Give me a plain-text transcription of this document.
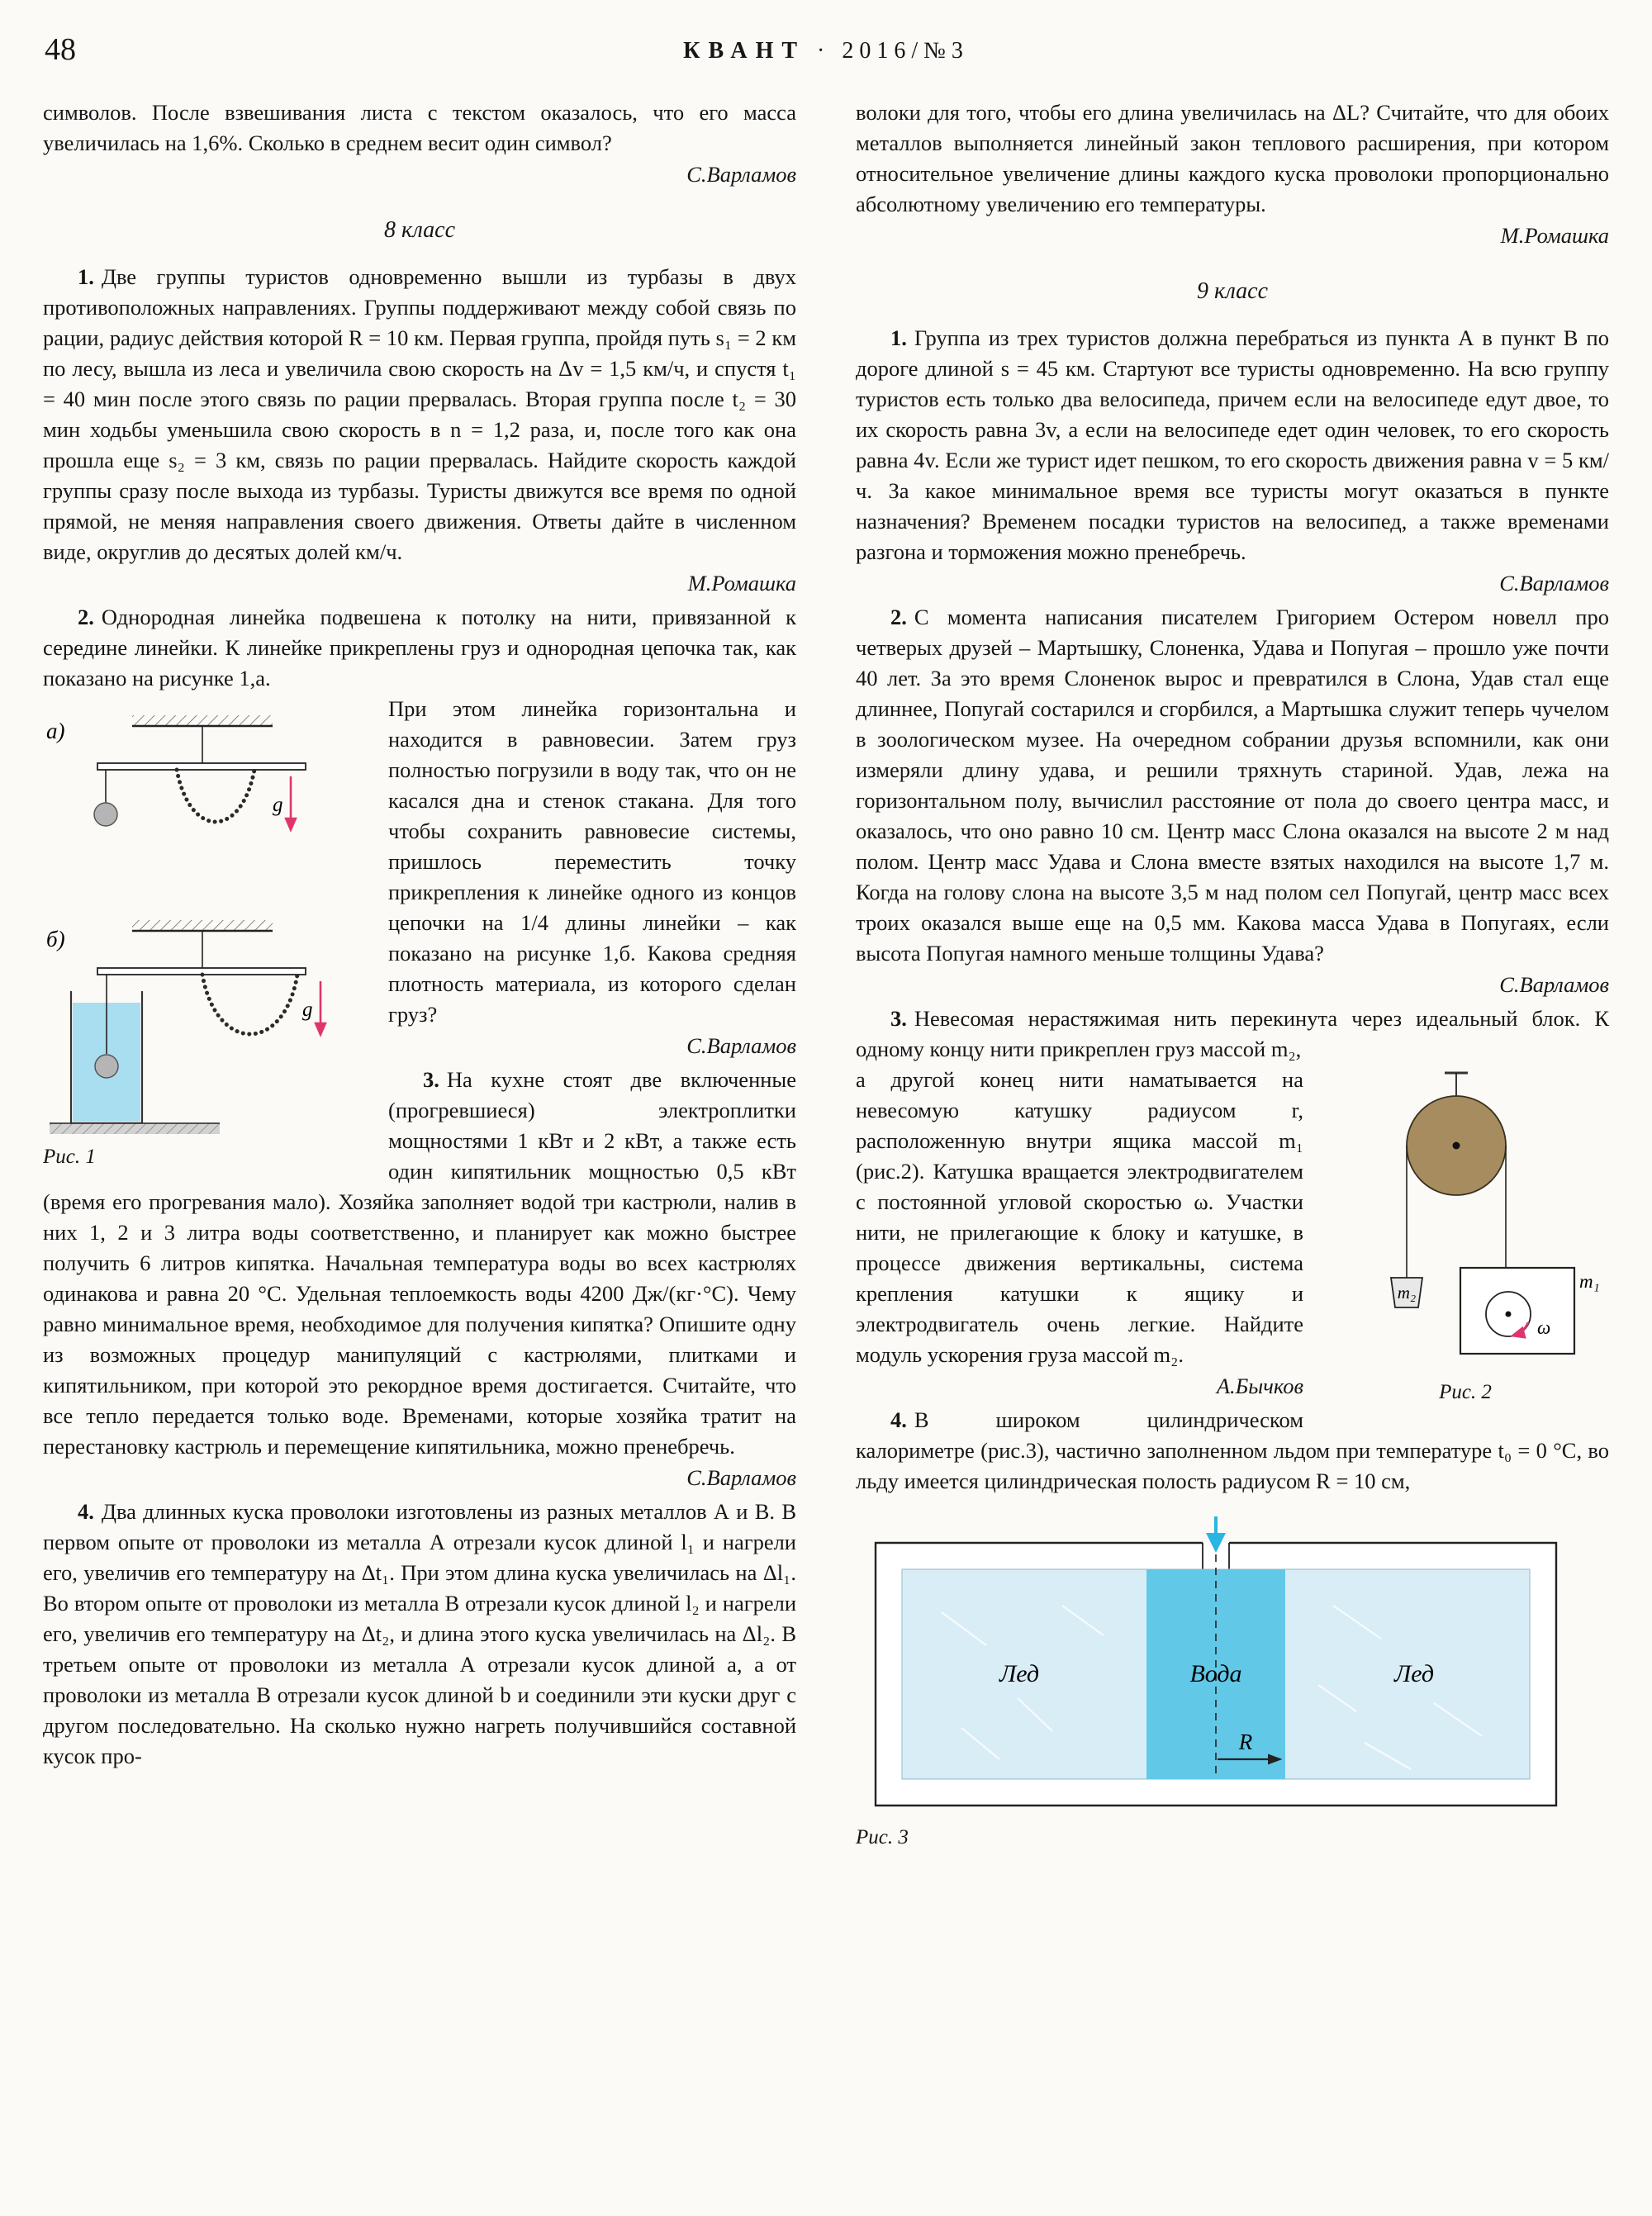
48	КВАНТ · 2016/№3

символов. После взвешивания листа с текстом оказалось, что его масса увеличилась на 1,6%. Сколько в среднем весит один символ?

С.Варламов

8 класс

1. Две группы туристов одновременно вышли из турбазы в двух противоположных направлениях. Группы поддерживают между собой связь по рации, радиус действия которой R = 10 км. Первая группа, пройдя путь s₁ = 2 км по лесу, вышла из леса и увеличила свою скорость на Δv = 1,5 км/ч, и спустя t₁ = 40 мин после этого связь по рации прервалась. Вторая группа после t₂ = 30 мин ходьбы уменьшила свою скорость в n = 1,2 раза, и, после того как она прошла еще s₂ = 3 км, связь по рации прервалась. Найдите скорость каждой группы сразу после выхода из турбазы. Туристы движутся все время по одной прямой, не меняя направления своего движения. Ответы дайте в численном виде, округлив до десятых долей км/ч.

М.Ромашка

2. Однородная линейка подвешена к потолку на нити, привязанной к середине линейки. К линейке прикреплены груз и однородная цепочка так, как показано на рисунке 1,а.

а)
g
б)
g
Рис. 1

При этом линейка горизонтальна и находится в равновесии. Затем груз полностью погрузили в воду так, что он не касался дна и стенок стакана. Для того чтобы сохранить равновесие системы, пришлось переместить точку прикрепления к линейке одного из концов цепочки на 1/4 длины линейки – как показано на рисунке 1,б. Какова средняя плотность материала, из которого сделан груз?

С.Варламов

3. На кухне стоят две включенные (прогревшиеся) электроплитки мощностями 1 кВт и 2 кВт, а также есть один кипятильник мощностью 0,5 кВт (время его прогревания мало). Хозяйка заполняет водой три кастрюли, налив в них 1, 2 и 3 литра воды соответственно, и планирует как можно быстрее получить 6 литров кипятка. Начальная температура воды во всех кастрюлях одинакова и равна 20 °C. Удельная теплоемкость воды 4200 Дж/(кг·°С). Чему равно минимальное время, необходимое для получения кипятка? Опишите одну из возможных процедур манипуляций с кастрюлями, плитками и кипятильником, при которой это рекордное время достигается. Считайте, что все тепло передается только воде. Временами, которые хозяйка тратит на перестановку кастрюль и перемещение кипятильника, можно пренебречь.

С.Варламов

4. Два длинных куска проволоки изготовлены из разных металлов А и В. В первом опыте от проволоки из металла А отрезали кусок длиной l₁ и нагрели его, увеличив его температуру на Δt₁. При этом длина куска увеличилась на Δl₁. Во втором опыте от проволоки из металла В отрезали кусок длиной l₂ и нагрели его, увеличив его температуру на Δt₂, и длина этого куска увеличилась на Δl₂. В третьем опыте от проволоки из металла А отрезали кусок длиной a, а от проволоки из металла В отрезали кусок длиной b и соединили эти куски друг с другом последовательно. На сколько нужно нагреть получившийся составной кусок про-

волоки для того, чтобы его длина увеличилась на ΔL? Считайте, что для обоих металлов выполняется линейный закон теплового расширения, при котором относительное увеличение длины каждого куска проволоки пропорционально абсолютному увеличению его температуры.

М.Ромашка

9 класс

1. Группа из трех туристов должна перебраться из пункта А в пункт В по дороге длиной s = 45 км. Стартуют все туристы одновременно. На всю группу туристов есть только два велосипеда, причем если на велосипеде едут двое, то их скорость равна 3v, а если на велосипеде едет один человек, то его скорость равна 4v. Если же турист идет пешком, то его скорость движения равна v = 5 км/ч. За какое минимальное время все туристы могут оказаться в пункте назначения? Временем посадки туристов на велосипед, а также временами разгона и торможения можно пренебречь.

С.Варламов

2. С момента написания писателем Григорием Остером новелл про четверых друзей – Мартышку, Слоненка, Удава и Попугая – прошло уже почти 40 лет. За это время Слоненок вырос и превратился в Слона, Удав стал еще длиннее, Попугай состарился и сгорбился, а Мартышка служит теперь чучелом в зоологическом музее. На очередном собрании друзья вспомнили, как они измеряли длину удава, и решили тряхнуть стариной. Удав, лежа на горизонтальном полу, вычислил расстояние от пола до своего центра масс, и оказалось, что оно равно 10 см. Центр масс Слона оказался на высоте 2 м над полом. Центр масс Удава и Слона вместе взятых находился на высоте 1,7 м. Когда на голову слона на высоте 3,5 м над полом сел Попугай, центр масс всех троих оказался выше еще на 0,5 мм. Какова масса Удава в Попугаях, если высота Попугая намного меньше толщины Удава?

С.Варламов

3. Невесомая нерастяжимая нить перекинута через идеальный блок. К одному концу нити прикреплен груз массой m₂,

m₂
ω
m₁
Рис. 2

а другой конец нити наматывается на невесомую катушку радиусом r, расположенную внутри ящика массой m₁ (рис.2). Катушка вращается электродвигателем с постоянной угловой скоростью ω. Участки нити, не прилегающие к блоку и катушке, в процессе движения вертикальны, система крепления катушки к ящику и электродвигатель очень легкие. Найдите модуль ускорения груза массой m₂.

А.Бычков

4. В широком цилиндрическом калориметре (рис.3), частично заполненном льдом при температуре t₀ = 0 °C, во льду имеется цилиндрическая полость радиусом R = 10 см,

Лед	Вода	Лед
R
Рис. 3
